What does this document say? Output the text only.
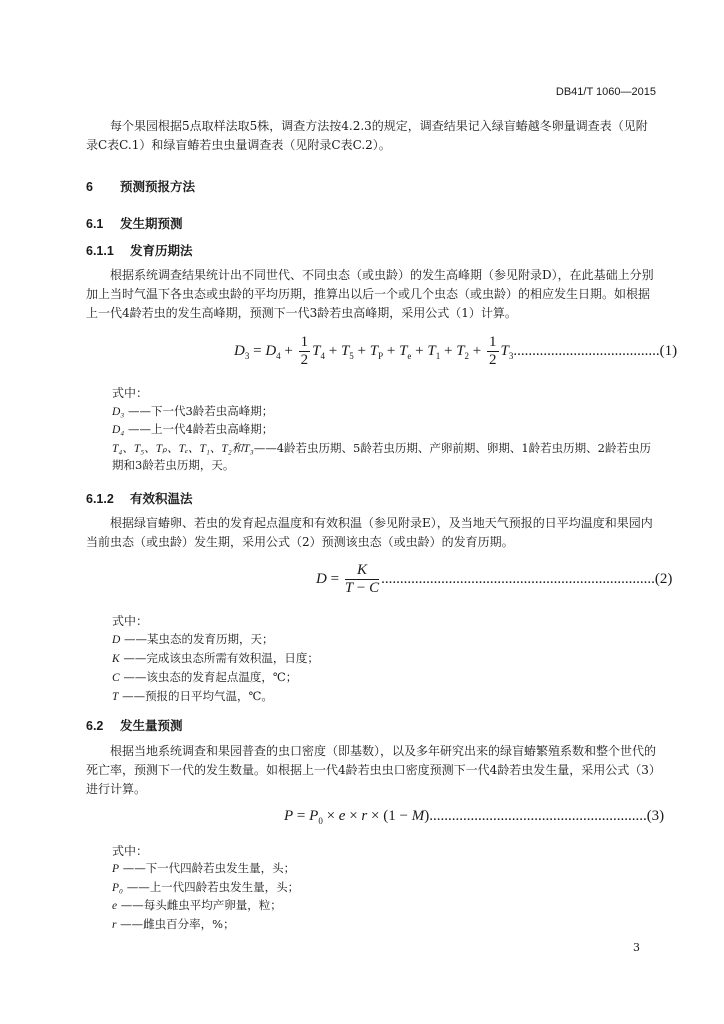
DB41/T 1060—2015
每个果园根据5点取样法取5株，调查方法按4.2.3的规定，调查结果记入绿盲蝽越冬卵量调查表（见附录C表C.1）和绿盲蝽若虫虫量调查表（见附录C表C.2）。
6 预测预报方法
6.1 发生期预测
6.1.1 发育历期法
根据系统调查结果统计出不同世代、不同虫态（或虫龄）的发生高峰期（参见附录D），在此基础上分别加上当时气温下各虫态或虫龄的平均历期，推算出以后一个或几个虫态（或虫龄）的相应发生日期。如根据上一代4龄若虫的发生高峰期，预测下一代3龄若虫高峰期，采用公式（1）计算。
$D_3 = D_4 + \frac{1}{2} T_4 + T_5 + T_P + T_e + T_1 + T_2 + \frac{1}{2} T_3.......................................(1)$
式中：
D₃ ——下一代3龄若虫高峰期；
D₄ ——上一代4龄若虫高峰期；
T₄、T₅、Tₚ、Tₑ、T₁、T₂和T₃——4龄若虫历期、5龄若虫历期、产卵前期、卵期、1龄若虫历期、2龄若虫历期和3龄若虫历期，天。
6.1.2 有效积温法
根据绿盲蝽卵、若虫的发育起点温度和有效积温（参见附录E），及当地天气预报的日平均温度和果园内当前虫态（或虫龄）发生期，采用公式（2）预测该虫态（或虫龄）的发育历期。
$D = \frac{K}{T - C} .........................................................................(2)$
式中：
D ——某虫态的发育历期，天；
K ——完成该虫态所需有效积温，日度；
C ——该虫态的发育起点温度，℃；
T ——预报的日平均气温，℃。
6.2 发生量预测
根据当地系统调查和果园普查的虫口密度（即基数），以及多年研究出来的绿盲蝽繁殖系数和整个世代的死亡率，预测下一代的发生数量。如根据上一代4龄若虫虫口密度预测下一代4龄若虫发生量，采用公式（3）进行计算。
$P = P_0 \times e \times r \times (1 - M)..........................................................(3)$
式中：
P ——下一代四龄若虫发生量，头；
P₀ ——上一代四龄若虫发生量，头；
e ——每头雌虫平均产卵量，粒；
r ——雌虫百分率，%；
3
